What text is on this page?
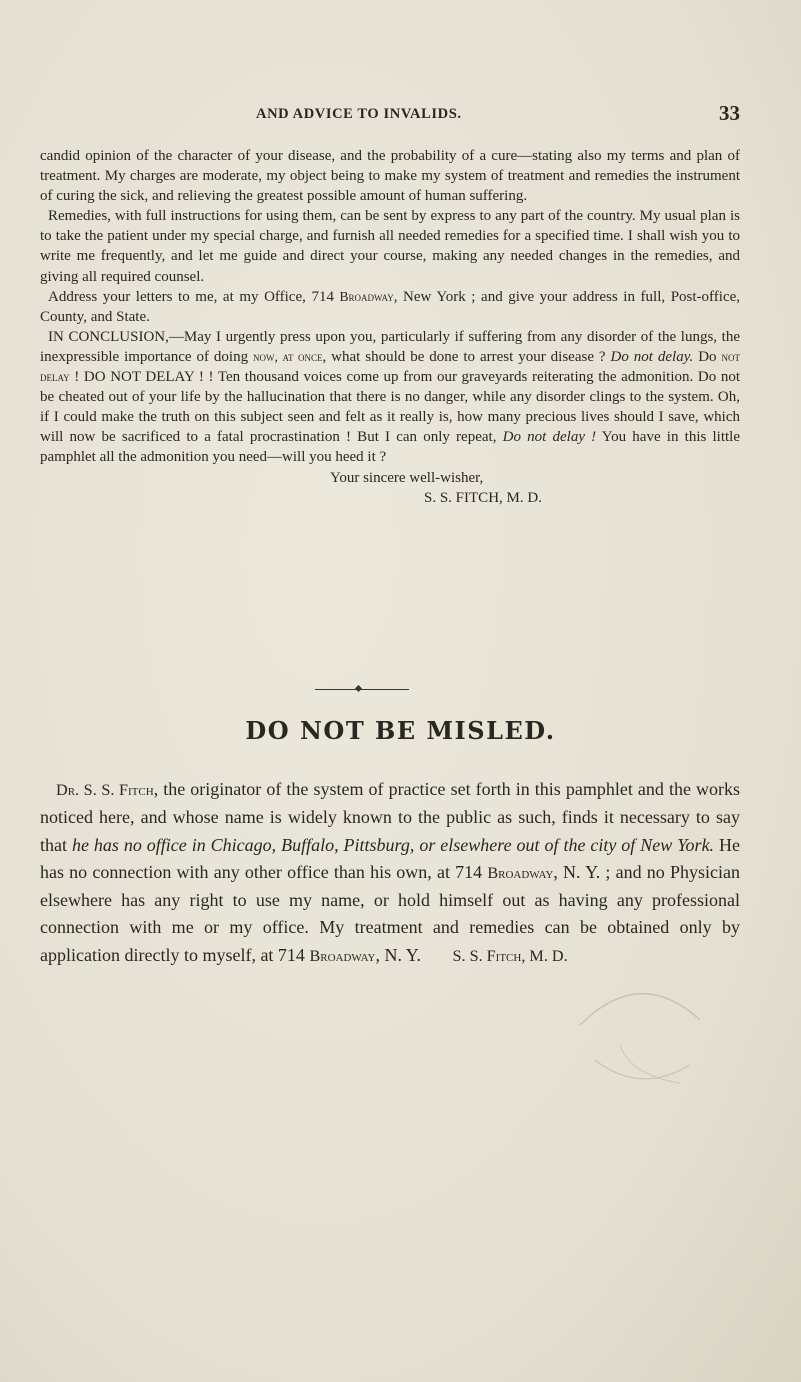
AND ADVICE TO INVALIDS.	33

candid opinion of the character of your disease, and the probability of a cure—stating also my terms and plan of treatment. My charges are moderate, my object being to make my system of treatment and remedies the instrument of curing the sick, and relieving the greatest possible amount of human suffering.

Remedies, with full instructions for using them, can be sent by express to any part of the country. My usual plan is to take the patient under my special charge, and furnish all needed remedies for a specified time. I shall wish you to write me frequently, and let me guide and direct your course, making any needed changes in the remedies, and giving all required counsel.

Address your letters to me, at my Office, 714 Broadway, New York ; and give your address in full, Post-office, County, and State.

IN CONCLUSION,—May I urgently press upon you, particularly if suffering from any disorder of the lungs, the inexpressible importance of doing now, at once, what should be done to arrest your disease ? Do not delay. Do not delay ! DO NOT DELAY ! ! Ten thousand voices come up from our graveyards reiterating the admonition. Do not be cheated out of your life by the hallucination that there is no danger, while any disorder clings to the system. Oh, if I could make the truth on this subject seen and felt as it really is, how many precious lives should I save, which will now be sacrificed to a fatal procrastination ! But I can only repeat, Do not delay ! You have in this little pamphlet all the admonition you need—will you heed it ?

Your sincere well-wisher,
S. S. FITCH, M. D.
DO NOT BE MISLED.

Dr. S. S. Fitch, the originator of the system of practice set forth in this pamphlet and the works noticed here, and whose name is widely known to the public as such, finds it necessary to say that he has no office in Chicago, Buffalo, Pittsburg, or elsewhere out of the city of New York. He has no connection with any other office than his own, at 714 Broadway, N. Y. ; and no Physician elsewhere has any right to use my name, or hold himself out as having any professional connection with me or my office. My treatment and remedies can be obtained only by application directly to myself, at 714 Broadway, N. Y. S. S. Fitch, M. D.
